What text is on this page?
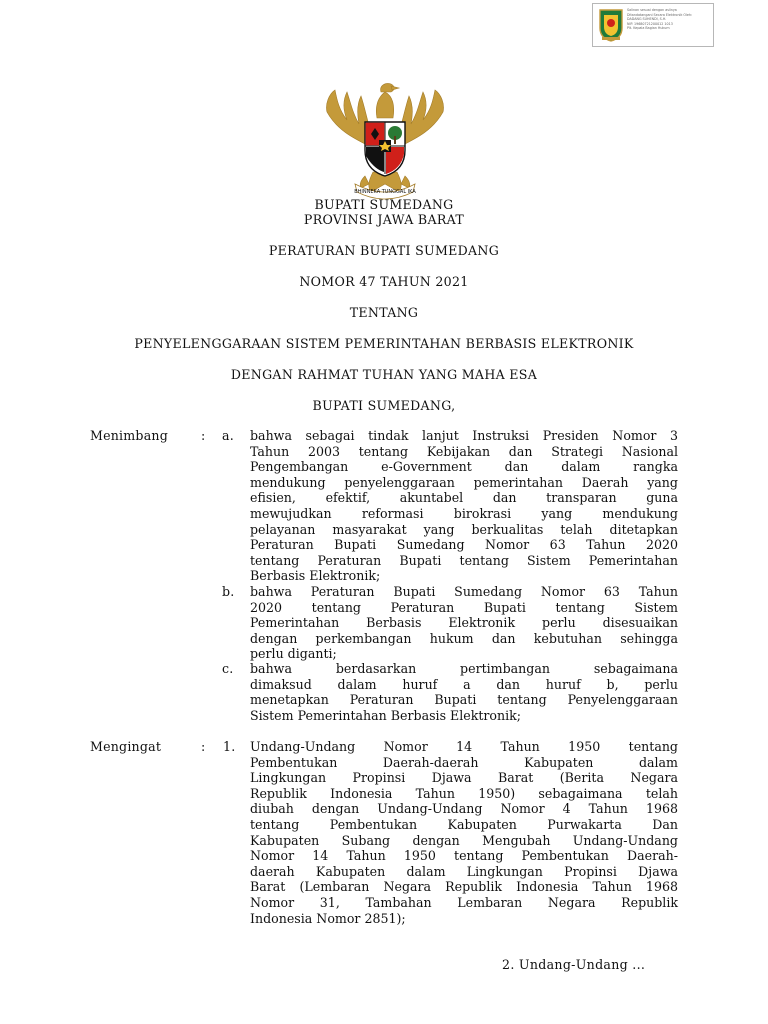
Salinan sesuai dengan aslinya
Ditandatangani Secara Elektronik Oleh:
DADANG SUHENDI, S.H.
NIP. 19680721200012 1013
Plt. Kepala Bagian Hukum
BHINNEKA TUNGGAL IKA
BUPATI SUMEDANG
PROVINSI JAWA BARAT
PERATURAN BUPATI SUMEDANG
NOMOR 47 TAHUN 2021
TENTANG
PENYELENGGARAAN SISTEM PEMERINTAHAN BERBASIS ELEKTRONIK
DENGAN RAHMAT TUHAN YANG MAHA ESA
BUPATI SUMEDANG,
Menimbang	: a. bahwa sebagai tindak lanjut Instruksi Presiden Nomor 3
Tahun 2003 tentang Kebijakan dan Strategi Nasional
Pengembangan e-Government dan dalam rangka
mendukung penyelenggaraan pemerintahan Daerah yang
efisien, efektif, akuntabel dan transparan guna
mewujudkan reformasi birokrasi yang mendukung
pelayanan masyarakat yang berkualitas telah ditetapkan
Peraturan Bupati Sumedang Nomor 63 Tahun 2020
tentang Peraturan Bupati tentang Sistem Pemerintahan
Berbasis Elektronik;
b. bahwa Peraturan Bupati Sumedang Nomor 63 Tahun
2020 tentang Peraturan Bupati tentang Sistem
Pemerintahan Berbasis Elektronik perlu disesuaikan
dengan perkembangan hukum dan kebutuhan sehingga
perlu diganti;
c. bahwa berdasarkan pertimbangan sebagaimana
dimaksud dalam huruf a dan huruf b, perlu
menetapkan Peraturan Bupati tentang Penyelenggaraan
Sistem Pemerintahan Berbasis Elektronik;
Mengingat	: 1. Undang-Undang Nomor 14 Tahun 1950 tentang
Pembentukan Daerah-daerah Kabupaten dalam
Lingkungan Propinsi Djawa Barat (Berita Negara
Republik Indonesia Tahun 1950) sebagaimana telah
diubah dengan Undang-Undang Nomor 4 Tahun 1968
tentang Pembentukan Kabupaten Purwakarta Dan
Kabupaten Subang dengan Mengubah Undang-Undang
Nomor 14 Tahun 1950 tentang Pembentukan Daerah-
daerah Kabupaten dalam Lingkungan Propinsi Djawa
Barat (Lembaran Negara Republik Indonesia Tahun 1968
Nomor 31, Tambahan Lembaran Negara Republik
Indonesia Nomor 2851);
2. Undang-Undang ...
